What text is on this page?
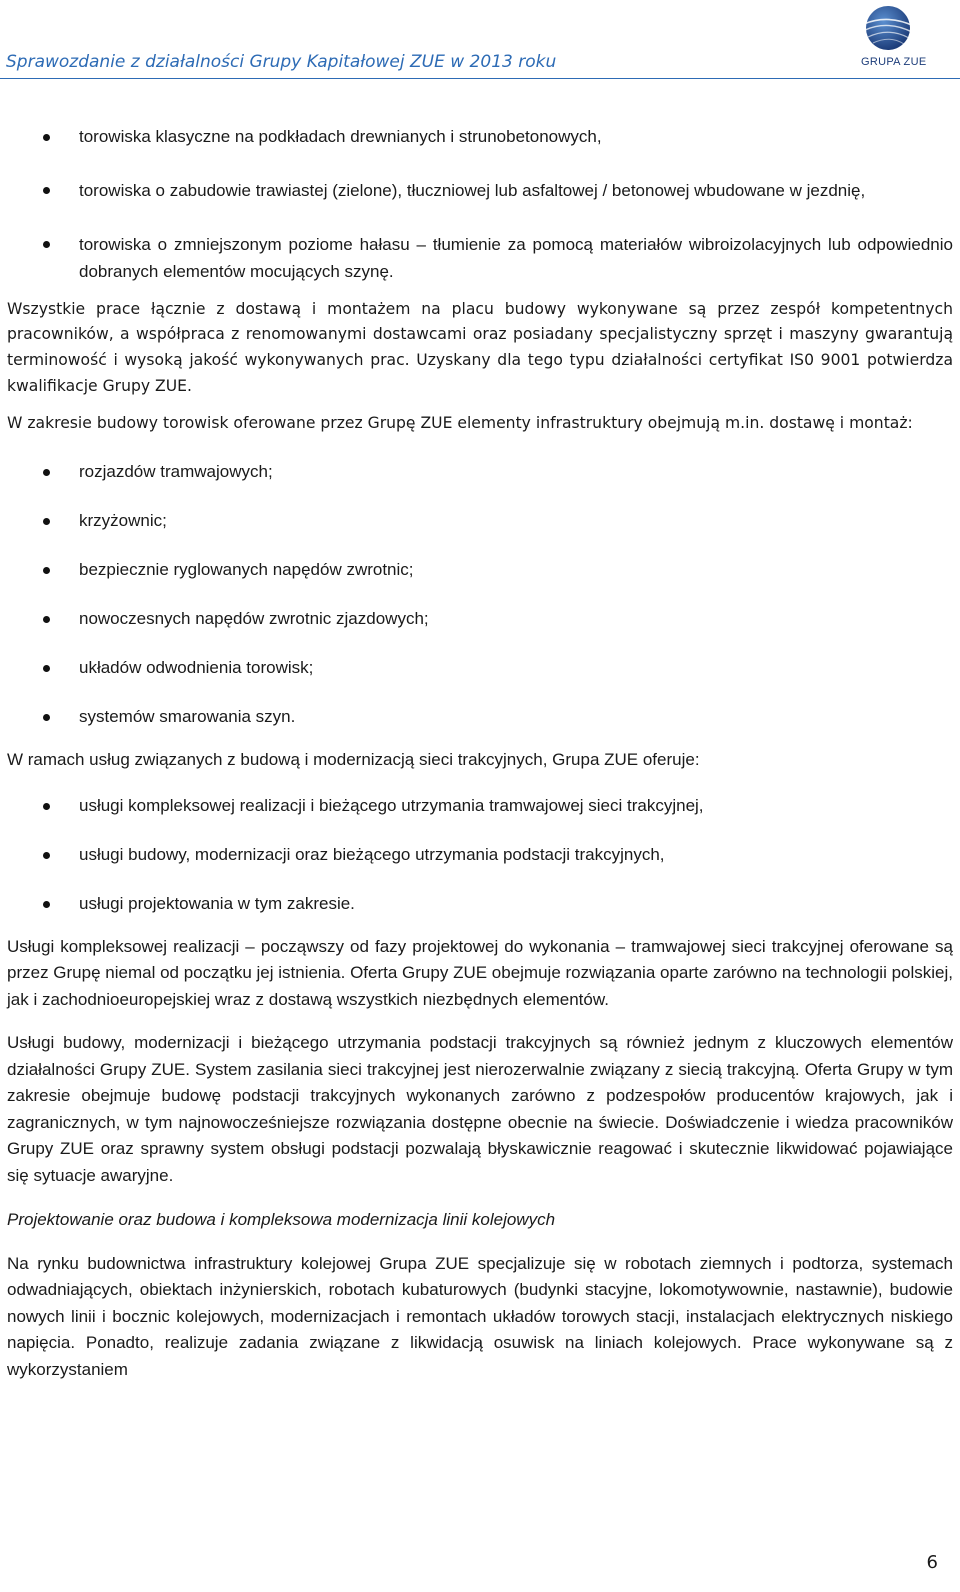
Sprawozdanie z działalności Grupy Kapitałowej ZUE w 2013 roku	GRUPA ZUE
torowiska klasyczne na podkładach drewnianych i strunobetonowych,
torowiska o zabudowie trawiastej (zielone), tłuczniowej lub asfaltowej / betonowej wbudowane w jezdnię,
torowiska o zmniejszonym poziome hałasu – tłumienie za pomocą materiałów wibroizolacyjnych lub odpowiednio dobranych elementów mocujących szynę.

Wszystkie prace łącznie z dostawą i montażem na placu budowy wykonywane są przez zespół kompetentnych pracowników, a współpraca z renomowanymi dostawcami oraz posiadany specjalistyczny sprzęt i maszyny gwarantują terminowość i wysoką jakość wykonywanych prac. Uzyskany dla tego typu działalności certyfikat IS0 9001 potwierdza kwalifikacje Grupy ZUE.

W zakresie budowy torowisk oferowane przez Grupę ZUE elementy infrastruktury obejmują m.in. dostawę i montaż:

rozjazdów tramwajowych;
krzyżownic;
bezpiecznie ryglowanych napędów zwrotnic;
nowoczesnych napędów zwrotnic zjazdowych;
układów odwodnienia torowisk;
systemów smarowania szyn.

W ramach usług związanych z budową i modernizacją sieci trakcyjnych, Grupa ZUE oferuje:

usługi kompleksowej realizacji i bieżącego utrzymania tramwajowej sieci trakcyjnej,
usługi budowy, modernizacji oraz bieżącego utrzymania podstacji trakcyjnych,
usługi projektowania w tym zakresie.

Usługi kompleksowej realizacji – począwszy od fazy projektowej do wykonania – tramwajowej sieci trakcyjnej oferowane są przez Grupę niemal od początku jej istnienia. Oferta Grupy ZUE obejmuje rozwiązania oparte zarówno na technologii polskiej, jak i zachodnioeuropejskiej wraz z dostawą wszystkich niezbędnych elementów.

Usługi budowy, modernizacji i bieżącego utrzymania podstacji trakcyjnych są również jednym z kluczowych elementów działalności Grupy ZUE. System zasilania sieci trakcyjnej jest nierozerwalnie związany z siecią trakcyjną. Oferta Grupy w tym zakresie obejmuje budowę podstacji trakcyjnych wykonanych zarówno z podzespołów producentów krajowych, jak i zagranicznych, w tym najnowocześniejsze rozwiązania dostępne obecnie na świecie. Doświadczenie i wiedza pracowników Grupy ZUE oraz sprawny system obsługi podstacji pozwalają błyskawicznie reagować i skutecznie likwidować pojawiające się sytuacje awaryjne.

Projektowanie oraz budowa i kompleksowa modernizacja linii kolejowych

Na rynku budownictwa infrastruktury kolejowej Grupa ZUE specjalizuje się w robotach ziemnych i podtorza, systemach odwadniających, obiektach inżynierskich, robotach kubaturowych (budynki stacyjne, lokomotywownie, nastawnie), budowie nowych linii i bocznic kolejowych, modernizacjach i remontach układów torowych stacji, instalacjach elektrycznych niskiego napięcia. Ponadto, realizuje zadania związane z likwidacją osuwisk na liniach kolejowych. Prace wykonywane są z wykorzystaniem

6
